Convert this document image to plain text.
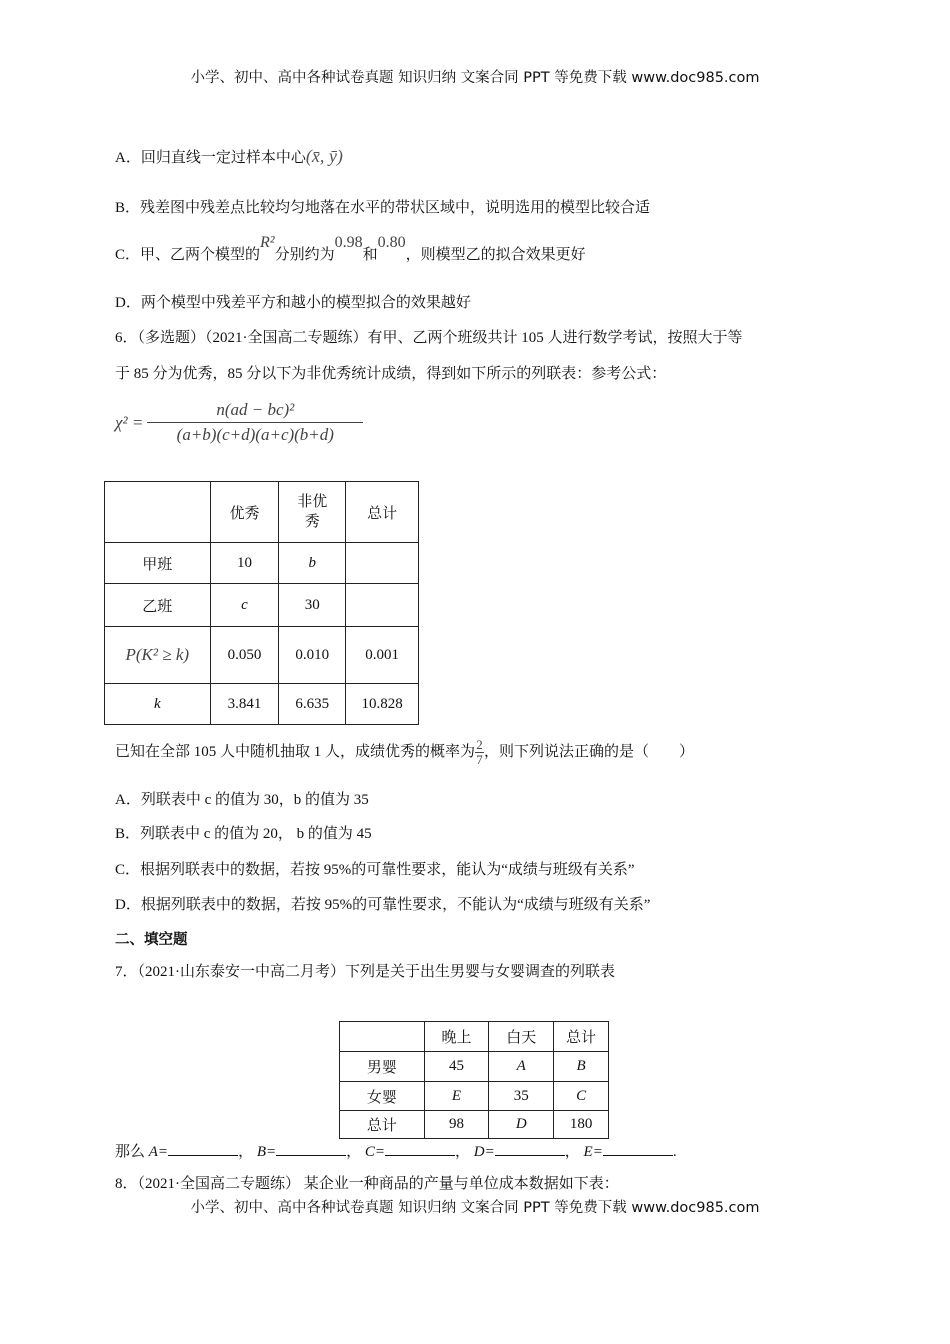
小学、初中、高中各种试卷真题 知识归纳 文案合同 PPT 等免费下载 www.doc985.com
A．回归直线一定过样本中心(x̄, ȳ)
B．残差图中残差点比较均匀地落在水平的带状区域中，说明选用的模型比较合适
C．甲、乙两个模型的R²分别约为0.98和0.80，则模型乙的拟合效果更好
D．两个模型中残差平方和越小的模型拟合的效果越好
6．（多选题）（2021·全国高二专题练）有甲、乙两个班级共计 105 人进行数学考试，按照大于等
于 85 分为优秀，85 分以下为非优秀统计成绩，得到如下所示的列联表：参考公式：
χ² =
n(ad − bc)²
(a+b)(c+d)(a+c)(b+d)
	优秀	非优秀	总计
甲班	10	b	
乙班	c	30	
P(K² ≥ k)	0.050	0.010	0.001
k	3.841	6.635	10.828
已知在全部 105 人中随机抽取 1 人，成绩优秀的概率为 $\frac{2}{7}$ ，则下列说法正确的是（　　）
A．列联表中 c 的值为 30，b 的值为 35
B．列联表中 c 的值为 20， b 的值为 45
C．根据列联表中的数据，若按 95%的可靠性要求，能认为“成绩与班级有关系”
D．根据列联表中的数据，若按 95%的可靠性要求，不能认为“成绩与班级有关系”
二、填空题
7．（2021·山东泰安一中高二月考）下列是关于出生男婴与女婴调查的列联表
	晚上	白天	总计
男婴	45	A	B
女婴	E	35	C
总计	98	D	180
那么 A=	， B=	， C=	， D=	， E=	.
8．（2021·全国高二专题练） 某企业一种商品的产量与单位成本数据如下表：
小学、初中、高中各种试卷真题 知识归纳 文案合同 PPT 等免费下载 www.doc985.com
